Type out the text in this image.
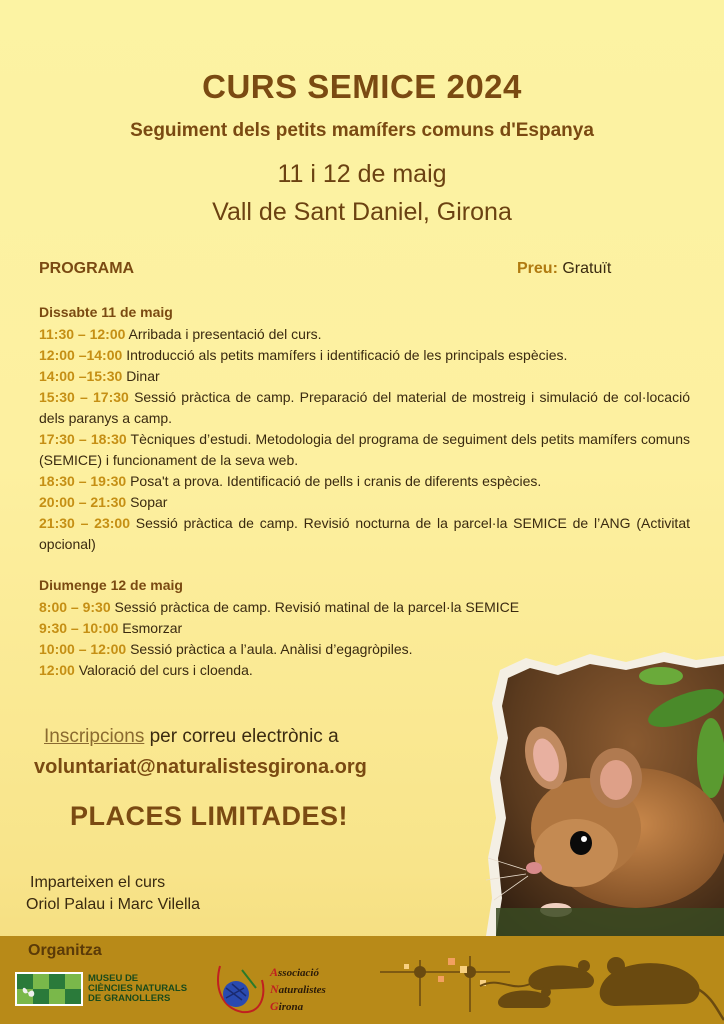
CURS SEMICE 2024
Seguiment dels petits mamífers comuns d'Espanya
11 i 12 de maig
Vall de Sant Daniel, Girona
PROGRAMA	Preu: Gratuït
Dissabte 11 de maig
11:30 – 12:00 Arribada i presentació del curs.
12:00 –14:00 Introducció als petits mamífers i identificació de les principals espècies.
14:00 –15:30 Dinar
15:30 – 17:30 Sessió pràctica de camp. Preparació del material de mostreig i simulació de col·locació dels paranys a camp.
17:30 – 18:30 Tècniques d’estudi. Metodologia del programa de seguiment dels petits mamífers comuns (SEMICE) i funcionament de la seva web.
18:30 – 19:30 Posa't a prova. Identificació de pells i cranis de diferents espècies.
20:00 – 21:30 Sopar
21:30 – 23:00 Sessió pràctica de camp. Revisió nocturna de la parcel·la SEMICE de l’ANG (Activitat opcional)
Diumenge 12 de maig
8:00 – 9:30 Sessió pràctica de camp. Revisió matinal de la parcel·la SEMICE
9:30 – 10:00 Esmorzar
10:00 – 12:00 Sessió pràctica a l’aula. Anàlisi d’egagròpiles.
12:00 Valoració del curs i cloenda.
Inscripcions per correu electrònic a
voluntariat@naturalistesgirona.org
PLACES LIMITADES!
Imparteixen el curs
Oriol Palau i Marc Vilella
Organitza
MUSEU DE
CIÈNCIES NATURALS
DE GRANOLLERS
Associació
Naturalistes
Girona
